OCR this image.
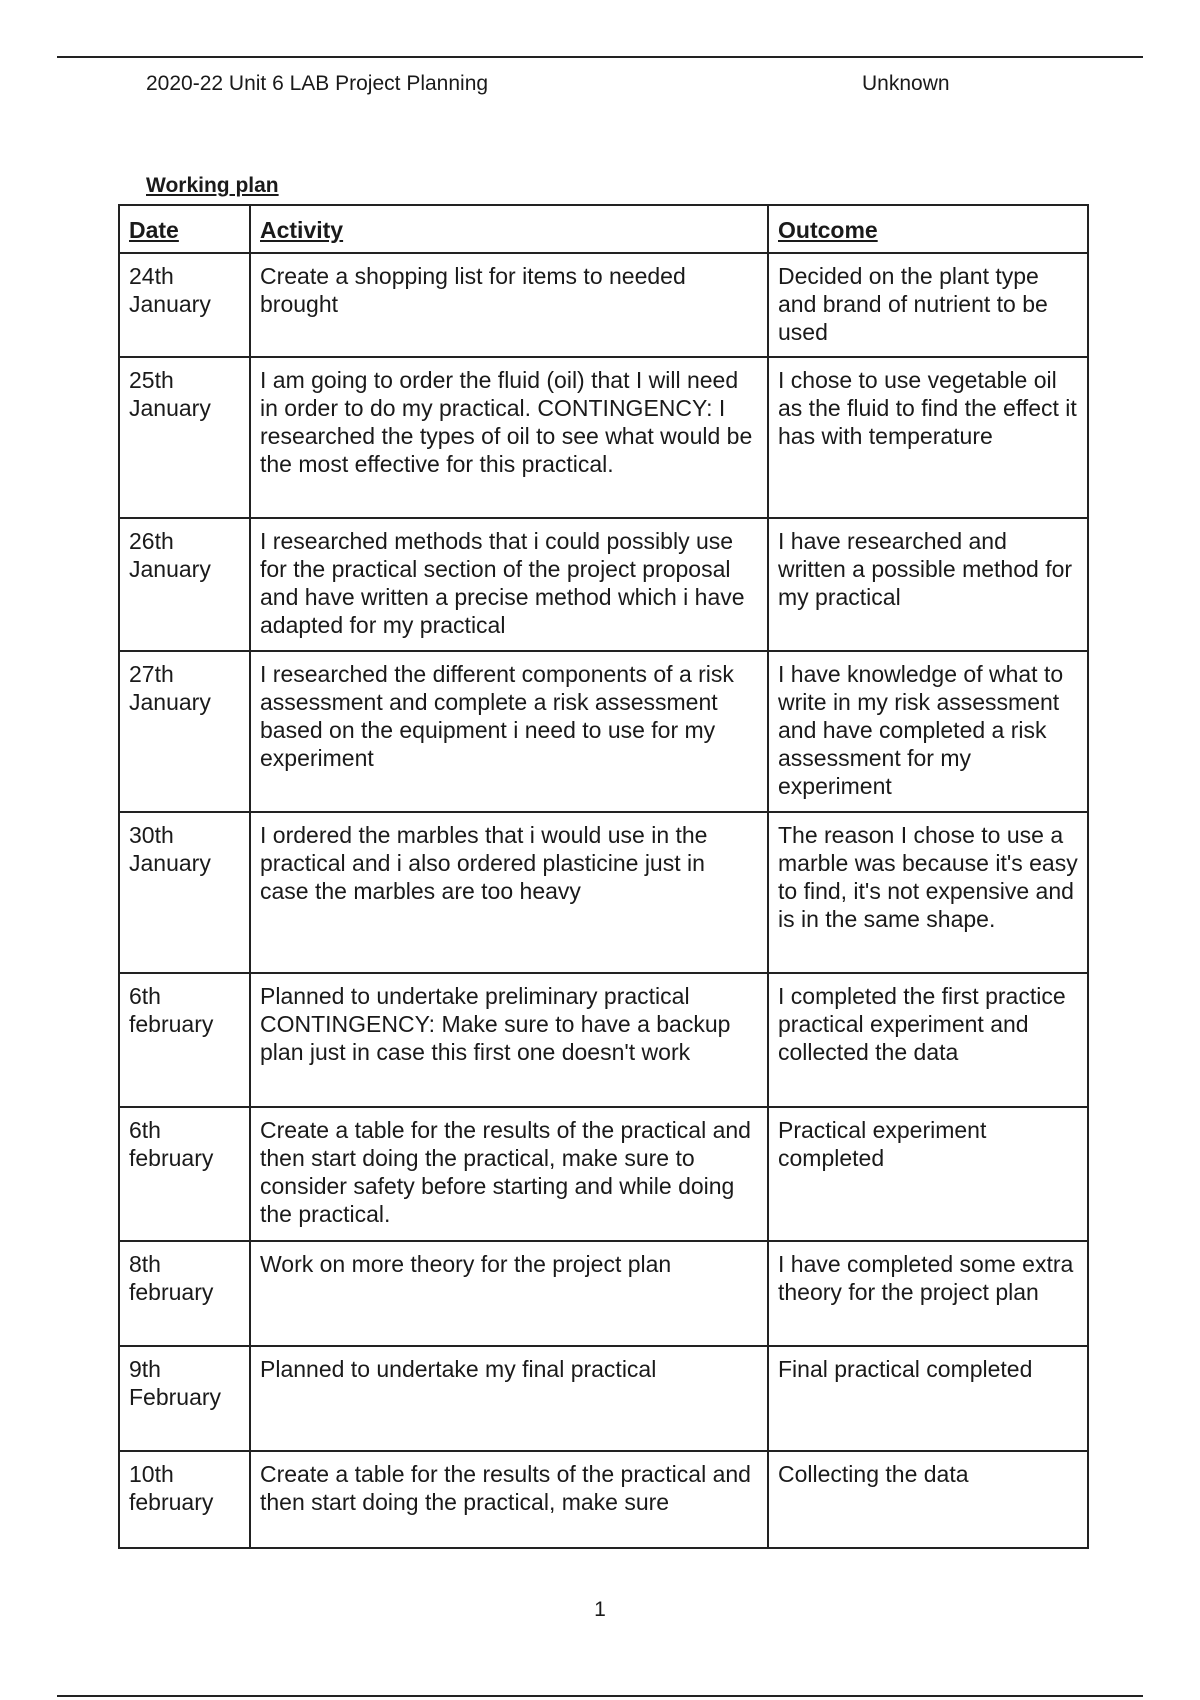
2020-22 Unit 6 LAB Project Planning	Unknown
Working plan
Date	Activity	Outcome
24th January	Create a shopping list for items to needed brought	Decided on the plant type and brand of nutrient to be used
25th January	I am going to order the fluid (oil) that I will need in order to do my practical. CONTINGENCY: I researched the types of oil to see what would be the most effective for this practical.	I chose to use vegetable oil as the fluid to find the effect it has with temperature
26th January	I researched methods that i could possibly use for the practical section of the project proposal and have written a precise method which i have adapted for my practical	I have researched and written a possible method for my practical
27th January	I researched the different components of a risk assessment and complete a risk assessment based on the equipment i need to use for my experiment	I have knowledge of what to write in my risk assessment and have completed a risk assessment for my experiment
30th January	I ordered the marbles that i would use in the practical and i also ordered plasticine just in case the marbles are too heavy	The reason I chose to use a marble was because it's easy to find, it's not expensive and is in the same shape.
6th february	Planned to undertake preliminary practical CONTINGENCY: Make sure to have a backup plan just in case this first one doesn't work	I completed the first practice practical experiment and collected the data
6th february	Create a table for the results of the practical and then start doing the practical, make sure to consider safety before starting and while doing the practical.	Practical experiment completed
8th february	Work on more theory for the project plan	I have completed some extra theory for the project plan
9th February	Planned to undertake my final practical	Final practical completed
10th february	Create a table for the results of the practical and then start doing the practical, make sure	Collecting the data
1
